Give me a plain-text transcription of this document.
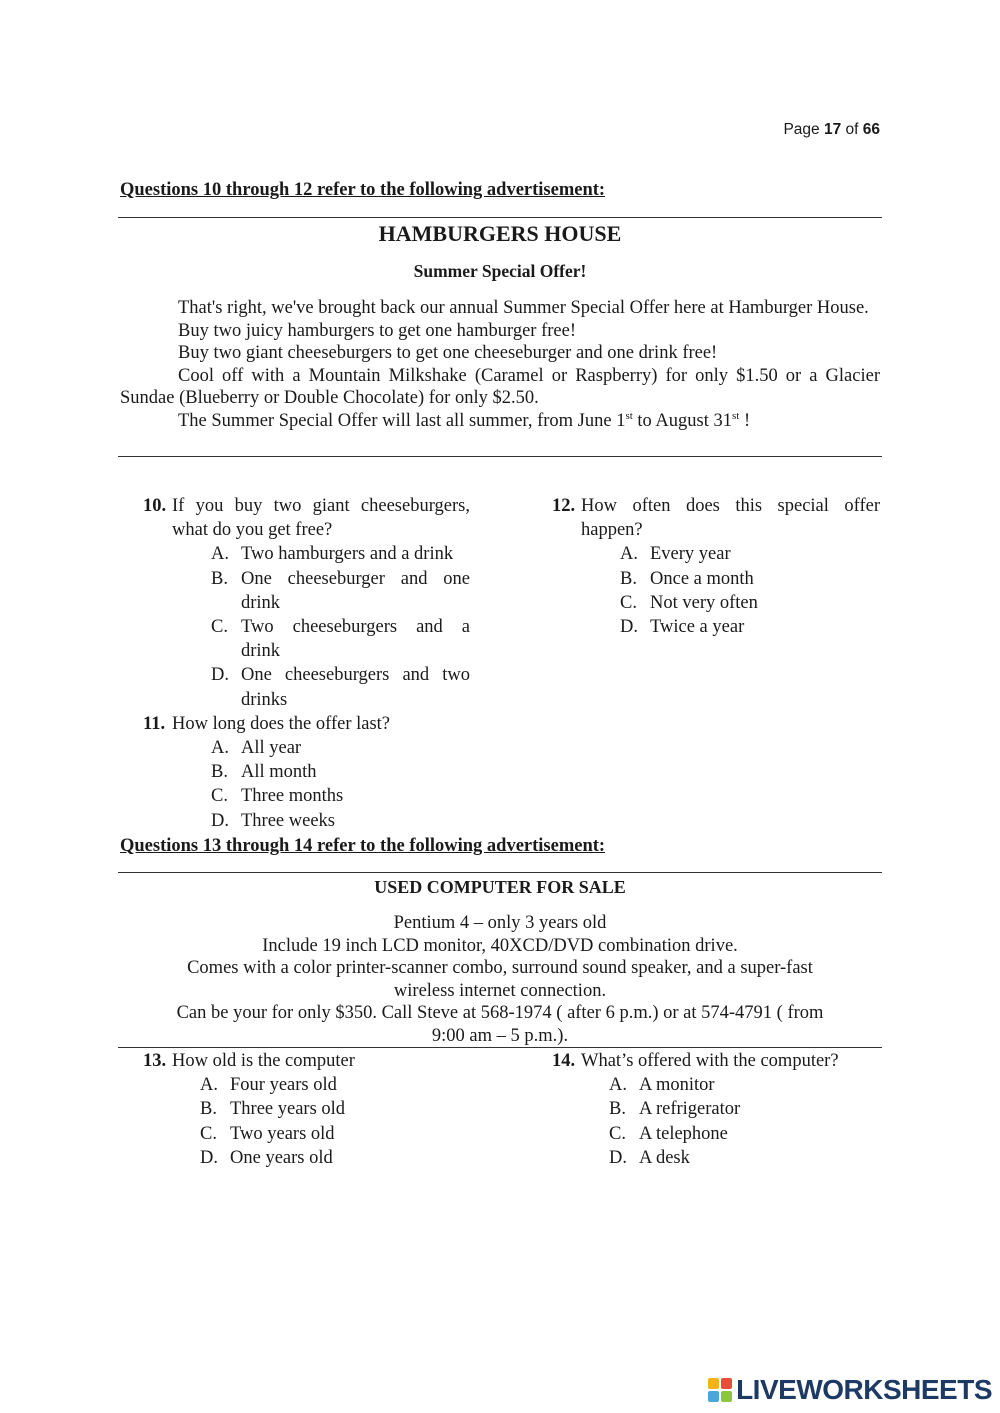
Page 17 of 66
Questions 10 through 12 refer to the following advertisement:
HAMBURGERS HOUSE
Summer Special Offer!

That's right, we've brought back our annual Summer Special Offer here at Hamburger House.

Buy two juicy hamburgers to get one hamburger free!

Buy two giant cheeseburgers to get one cheeseburger and one drink free!

Cool off with a Mountain Milkshake (Caramel or Raspberry) for only $1.50 or a Glacier Sundae (Blueberry or Double Chocolate) for only $2.50.

The Summer Special Offer will last all summer, from June 1st to August 31st !

10. If you buy two giant cheeseburgers, what do you get free?
A. Two hamburgers and a drink
B. One cheeseburger and one drink
C. Two cheeseburgers and a drink
D. One cheeseburgers and two drinks
11. How long does the offer last?
A. All year
B. All month
C. Three months
D. Three weeks
12. How often does this special offer happen?
A. Every year
B. Once a month
C. Not very often
D. Twice a year
Questions 13 through 14 refer to the following advertisement:
USED COMPUTER FOR SALE
Pentium 4 – only 3 years old
Include 19 inch LCD monitor, 40XCD/DVD combination drive.
Comes with a color printer-scanner combo, surround sound speaker, and a super-fast
wireless internet connection.
Can be your for only $350. Call Steve at 568-1974 ( after 6 p.m.) or at 574-4791 ( from
9:00 am – 5 p.m.).
13. How old is the computer
A. Four years old
B. Three years old
C. Two years old
D. One years old
14. What’s offered with the computer?
A. A monitor
B. A refrigerator
C. A telephone
D. A desk
LIVEWORKSHEETS
